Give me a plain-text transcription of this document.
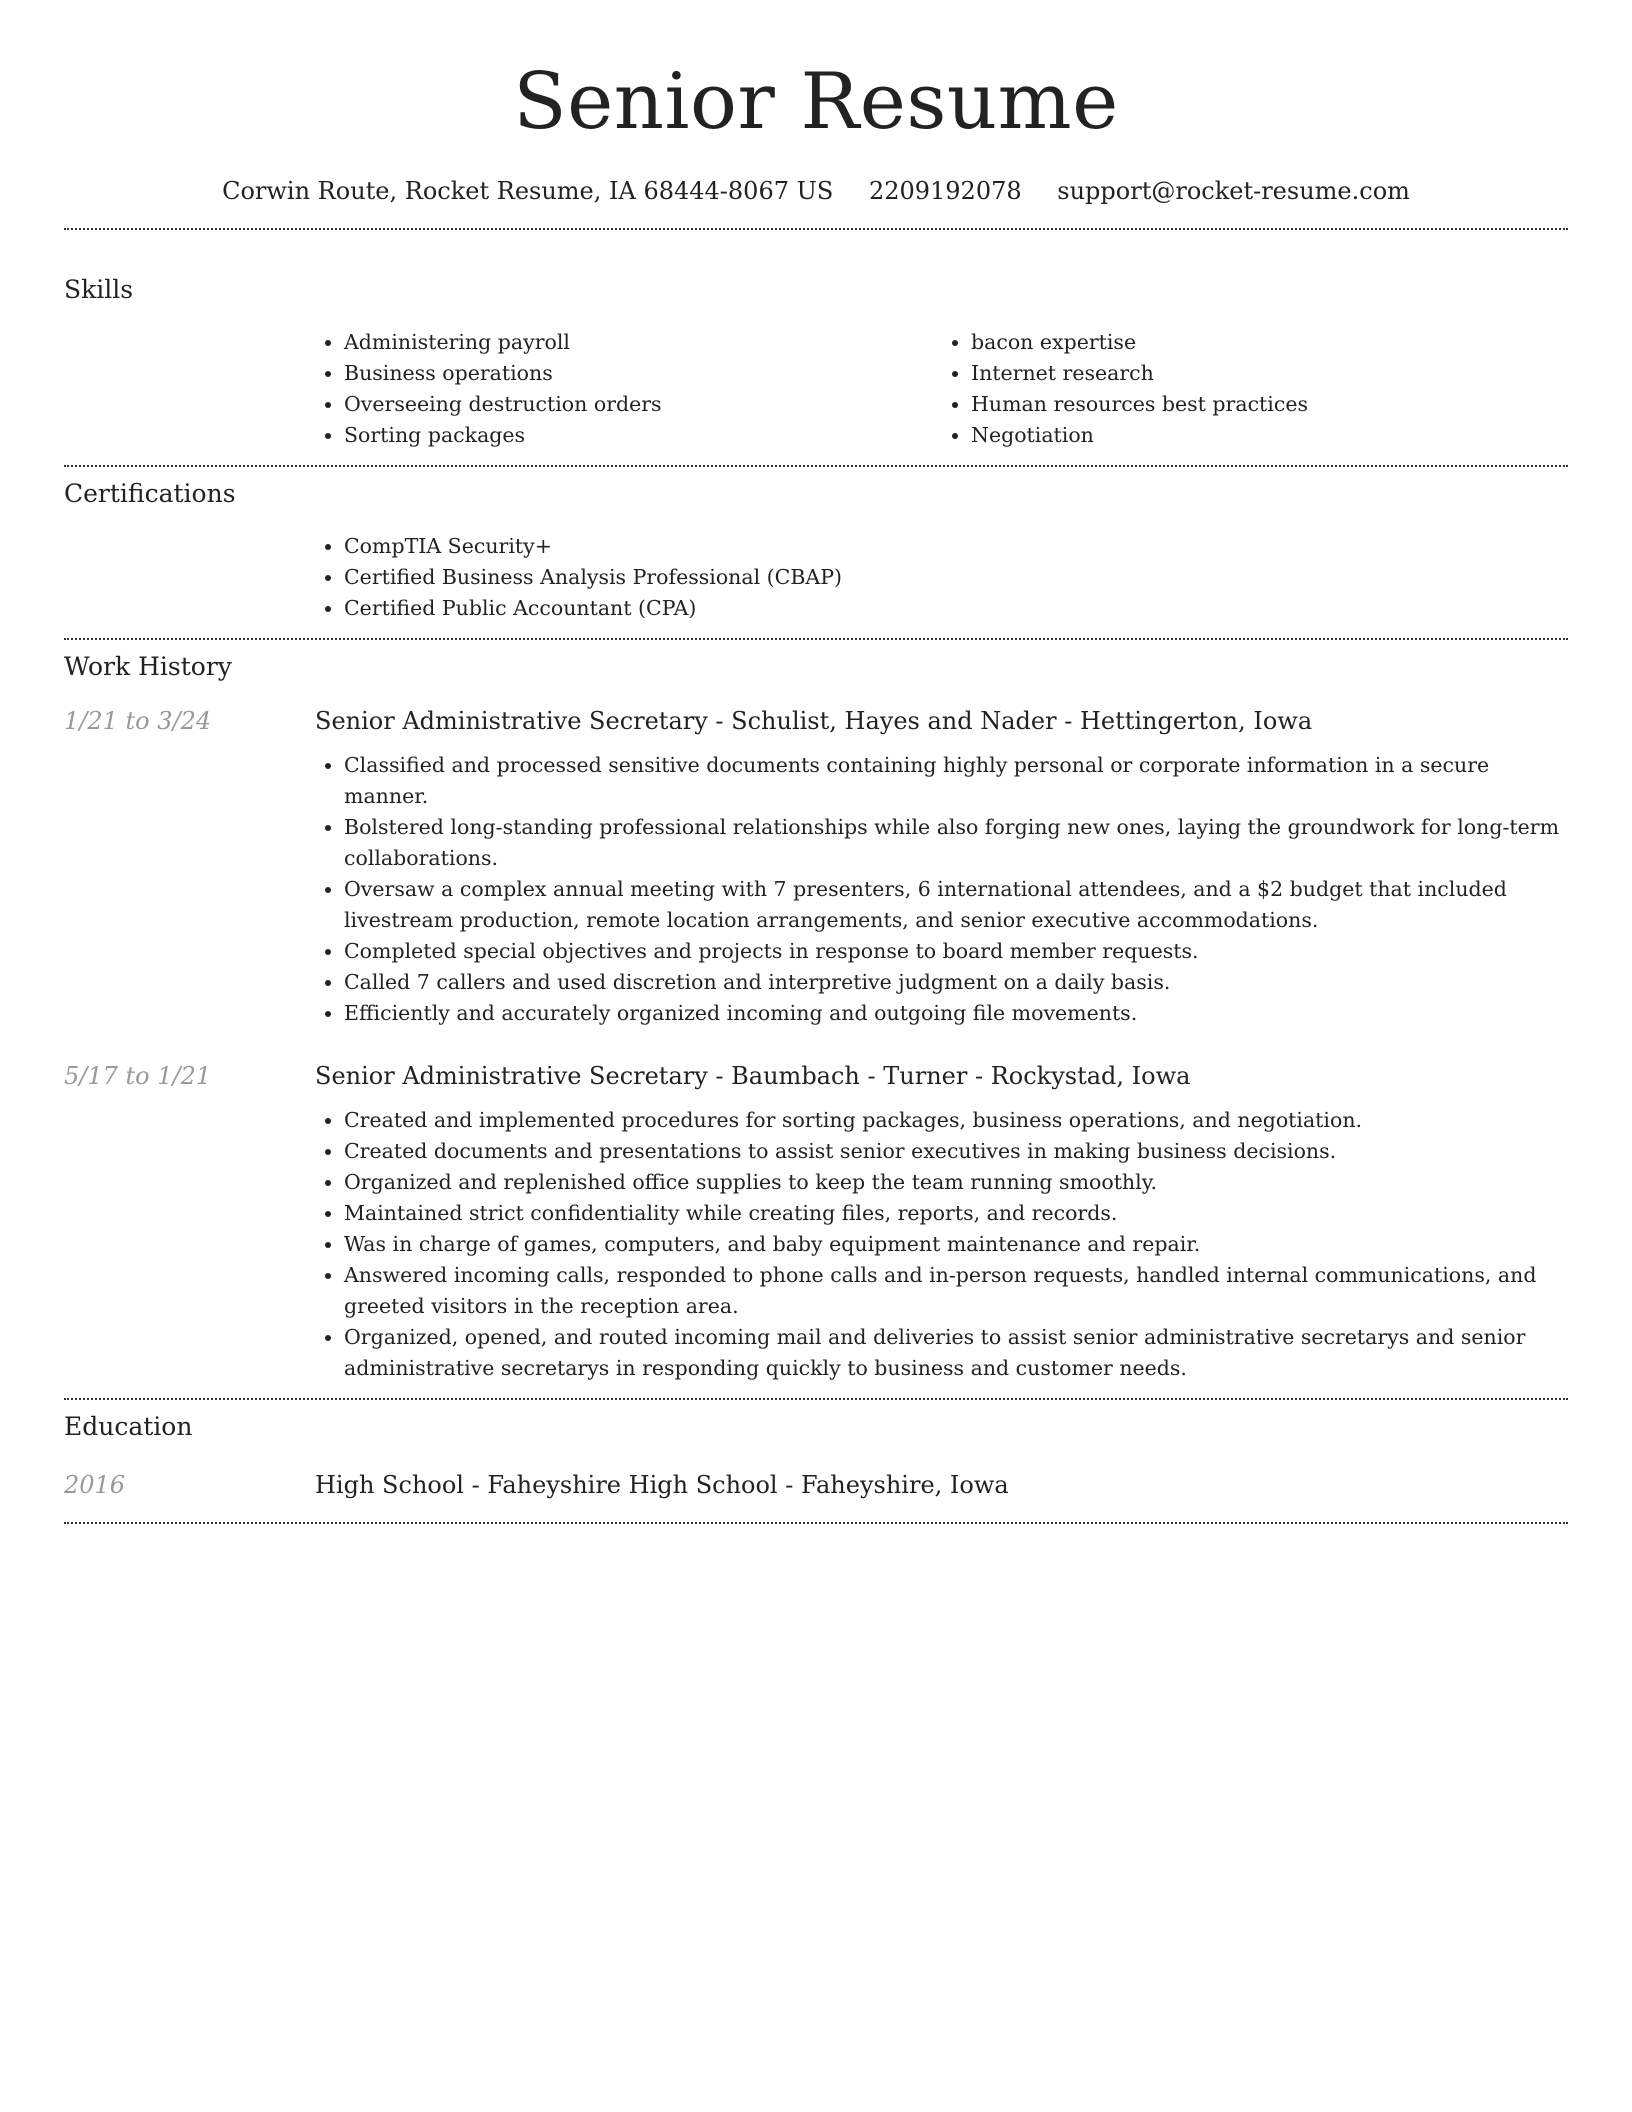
Senior Resume
Corwin Route, Rocket Resume, IA 68444-8067 US 2209192078 support@rocket-resume.com
Skills
• Administering payroll
• Business operations
• Overseeing destruction orders
• Sorting packages
• bacon expertise
• Internet research
• Human resources best practices
• Negotiation
Certifications
• CompTIA Security+
• Certified Business Analysis Professional (CBAP)
• Certified Public Accountant (CPA)
Work History
1/21 to 3/24	Senior Administrative Secretary - Schulist, Hayes and Nader - Hettingerton, Iowa
• Classified and processed sensitive documents containing highly personal or corporate information in a secure manner.
• Bolstered long-standing professional relationships while also forging new ones, laying the groundwork for long-term collaborations.
• Oversaw a complex annual meeting with 7 presenters, 6 international attendees, and a $2 budget that included livestream production, remote location arrangements, and senior executive accommodations.
• Completed special objectives and projects in response to board member requests.
• Called 7 callers and used discretion and interpretive judgment on a daily basis.
• Efficiently and accurately organized incoming and outgoing file movements.
5/17 to 1/21	Senior Administrative Secretary - Baumbach - Turner - Rockystad, Iowa
• Created and implemented procedures for sorting packages, business operations, and negotiation.
• Created documents and presentations to assist senior executives in making business decisions.
• Organized and replenished office supplies to keep the team running smoothly.
• Maintained strict confidentiality while creating files, reports, and records.
• Was in charge of games, computers, and baby equipment maintenance and repair.
• Answered incoming calls, responded to phone calls and in-person requests, handled internal communications, and greeted visitors in the reception area.
• Organized, opened, and routed incoming mail and deliveries to assist senior administrative secretarys and senior administrative secretarys in responding quickly to business and customer needs.
Education
2016	High School - Faheyshire High School - Faheyshire, Iowa
